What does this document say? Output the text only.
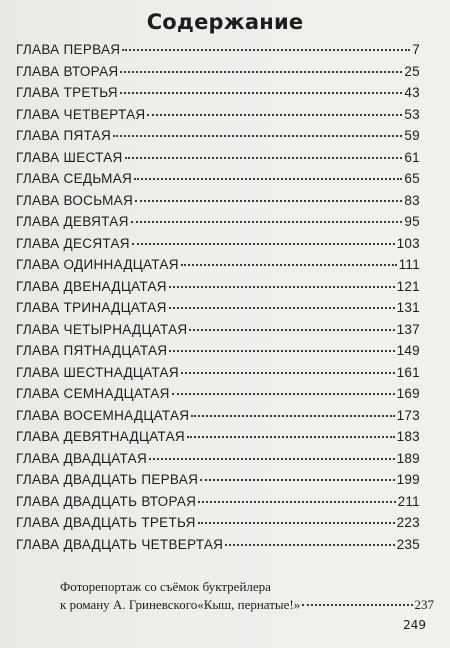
Содержание
ГЛАВА ПЕРВАЯ	7
ГЛАВА ВТОРАЯ	25
ГЛАВА ТРЕТЬЯ	43
ГЛАВА ЧЕТВЕРТАЯ	53
ГЛАВА ПЯТАЯ	59
ГЛАВА ШЕСТАЯ	61
ГЛАВА СЕДЬМАЯ	65
ГЛАВА ВОСЬМАЯ	83
ГЛАВА ДЕВЯТАЯ	95
ГЛАВА ДЕСЯТАЯ	103
ГЛАВА ОДИННАДЦАТАЯ	111
ГЛАВА ДВЕНАДЦАТАЯ	121
ГЛАВА ТРИНАДЦАТАЯ	131
ГЛАВА ЧЕТЫРНАДЦАТАЯ	137
ГЛАВА ПЯТНАДЦАТАЯ	149
ГЛАВА ШЕСТНАДЦАТАЯ	161
ГЛАВА СЕМНАДЦАТАЯ	169
ГЛАВА ВОСЕМНАДЦАТАЯ	173
ГЛАВА ДЕВЯТНАДЦАТАЯ	183
ГЛАВА ДВАДЦАТАЯ	189
ГЛАВА ДВАДЦАТЬ ПЕРВАЯ	199
ГЛАВА ДВАДЦАТЬ ВТОРАЯ	211
ГЛАВА ДВАДЦАТЬ ТРЕТЬЯ	223
ГЛАВА ДВАДЦАТЬ ЧЕТВЕРТАЯ	235
Фоторепортаж со съёмок буктрейлера
к роману А. Гриневского«Кыш, пернатые!»	237
249
